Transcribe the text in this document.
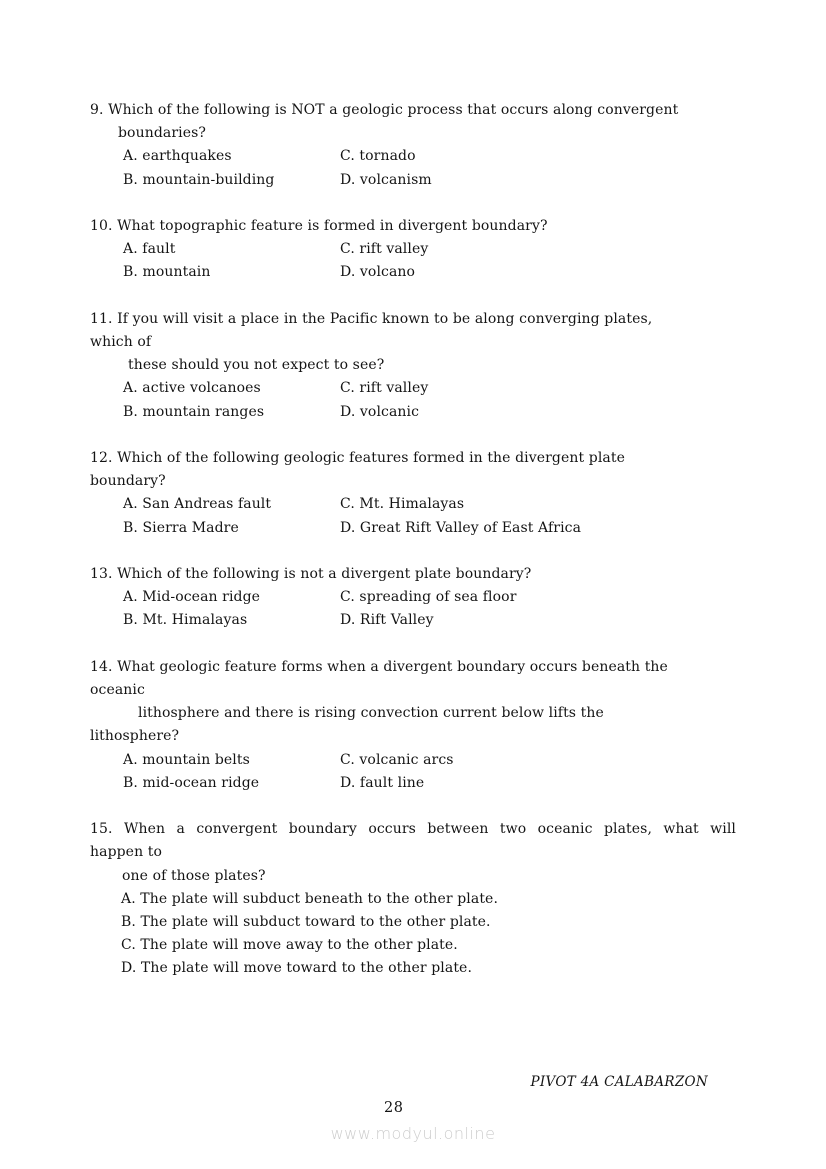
9. Which of the following is NOT a geologic process that occurs along convergent
boundaries?
A. earthquakes	C. tornado
B. mountain-building	D. volcanism
10. What topographic feature is formed in divergent boundary?
A. fault	C. rift valley
B. mountain	D. volcano
11. If you will visit a place in the Pacific known to be along converging plates,
which of
these should you not expect to see?
A. active volcanoes	C. rift valley
B. mountain ranges	D. volcanic
12. Which of the following geologic features formed in the divergent plate
boundary?
A. San Andreas fault	C. Mt. Himalayas
B. Sierra Madre	D. Great Rift Valley of East Africa
13. Which of the following is not a divergent plate boundary?
A. Mid-ocean ridge	C. spreading of sea floor
B. Mt. Himalayas	D. Rift Valley
14. What geologic feature forms when a divergent boundary occurs beneath the
oceanic
lithosphere and there is rising convection current below lifts the
lithosphere?
A. mountain belts	C. volcanic arcs
B. mid-ocean ridge	D. fault line
15. When a convergent boundary occurs between two oceanic plates, what will
happen to
one of those plates?
A. The plate will subduct beneath to the other plate.
B. The plate will subduct toward to the other plate.
C. The plate will move away to the other plate.
D. The plate will move toward to the other plate.
PIVOT 4A CALABARZON
28
www.modyul.online
